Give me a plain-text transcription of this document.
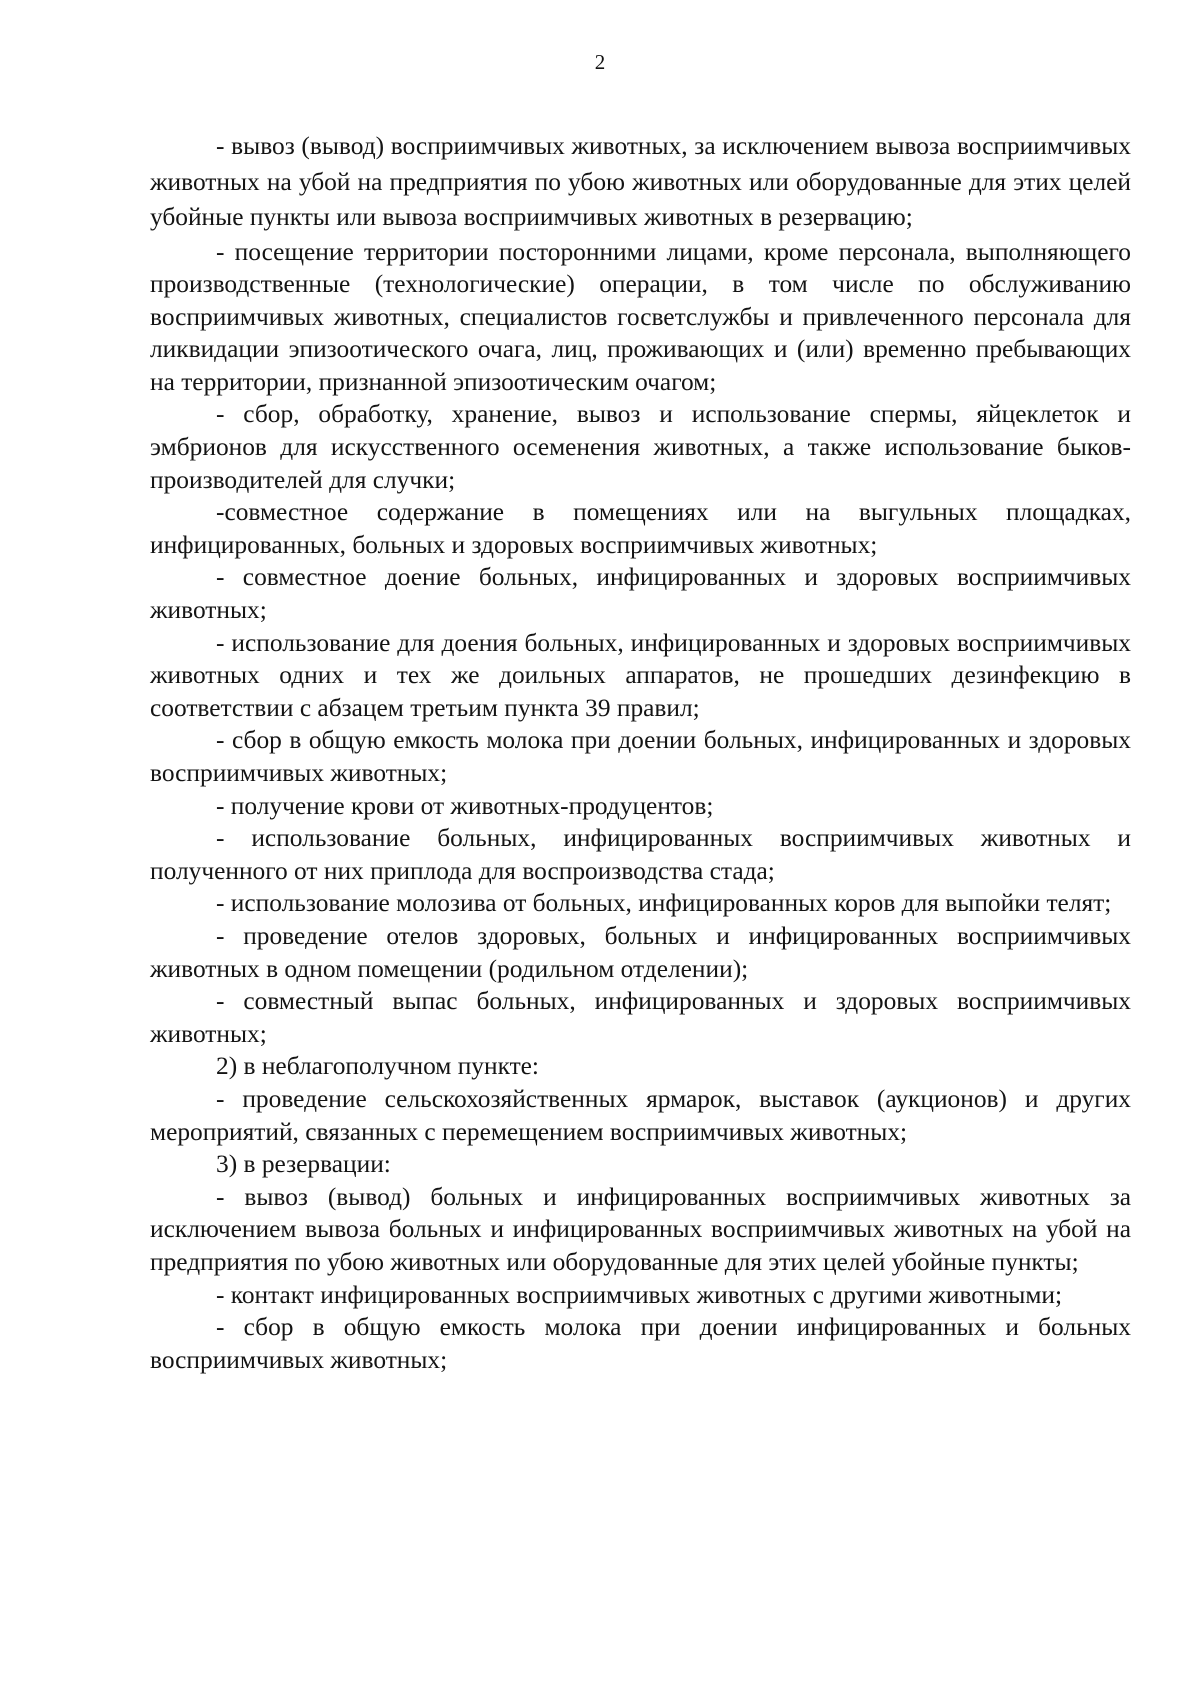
2

- вывоз (вывод) восприимчивых животных, за исключением вывоза восприимчивых животных на убой на предприятия по убою животных или оборудованные для этих целей убойные пункты или вывоза восприимчивых животных в резервацию;

- посещение территории посторонними лицами, кроме персонала, выполняющего производственные (технологические) операции, в том числе по обслуживанию восприимчивых животных, специалистов госветслужбы и привлеченного персонала для ликвидации эпизоотического очага, лиц, проживающих и (или) временно пребывающих на территории, признанной эпизоотическим очагом;

- сбор, обработку, хранение, вывоз и использование спермы, яйцеклеток и эмбрионов для искусственного осеменения животных, а также использование быков-производителей для случки;

-совместное содержание в помещениях или на выгульных площадках, инфицированных, больных и здоровых восприимчивых животных;

- совместное доение больных, инфицированных и здоровых восприимчивых животных;

- использование для доения больных, инфицированных и здоровых восприимчивых животных одних и тех же доильных аппаратов, не прошедших дезинфекцию в соответствии с абзацем третьим пункта 39 правил;

- сбор в общую емкость молока при доении больных, инфицированных и здоровых восприимчивых животных;

- получение крови от животных-продуцентов;

- использование больных, инфицированных восприимчивых животных и полученного от них приплода для воспроизводства стада;

- использование молозива от больных, инфицированных коров для выпойки телят;

- проведение отелов здоровых, больных и инфицированных восприимчивых животных в одном помещении (родильном отделении);

- совместный выпас больных, инфицированных и здоровых восприимчивых животных;

2) в неблагополучном пункте:

- проведение сельскохозяйственных ярмарок, выставок (аукционов) и других мероприятий, связанных с перемещением восприимчивых животных;

3) в резервации:

- вывоз (вывод) больных и инфицированных восприимчивых животных за исключением вывоза больных и инфицированных восприимчивых животных на убой на предприятия по убою животных или оборудованные для этих целей убойные пункты;

- контакт инфицированных восприимчивых животных с другими животными;

- сбор в общую емкость молока при доении инфицированных и больных восприимчивых животных;
